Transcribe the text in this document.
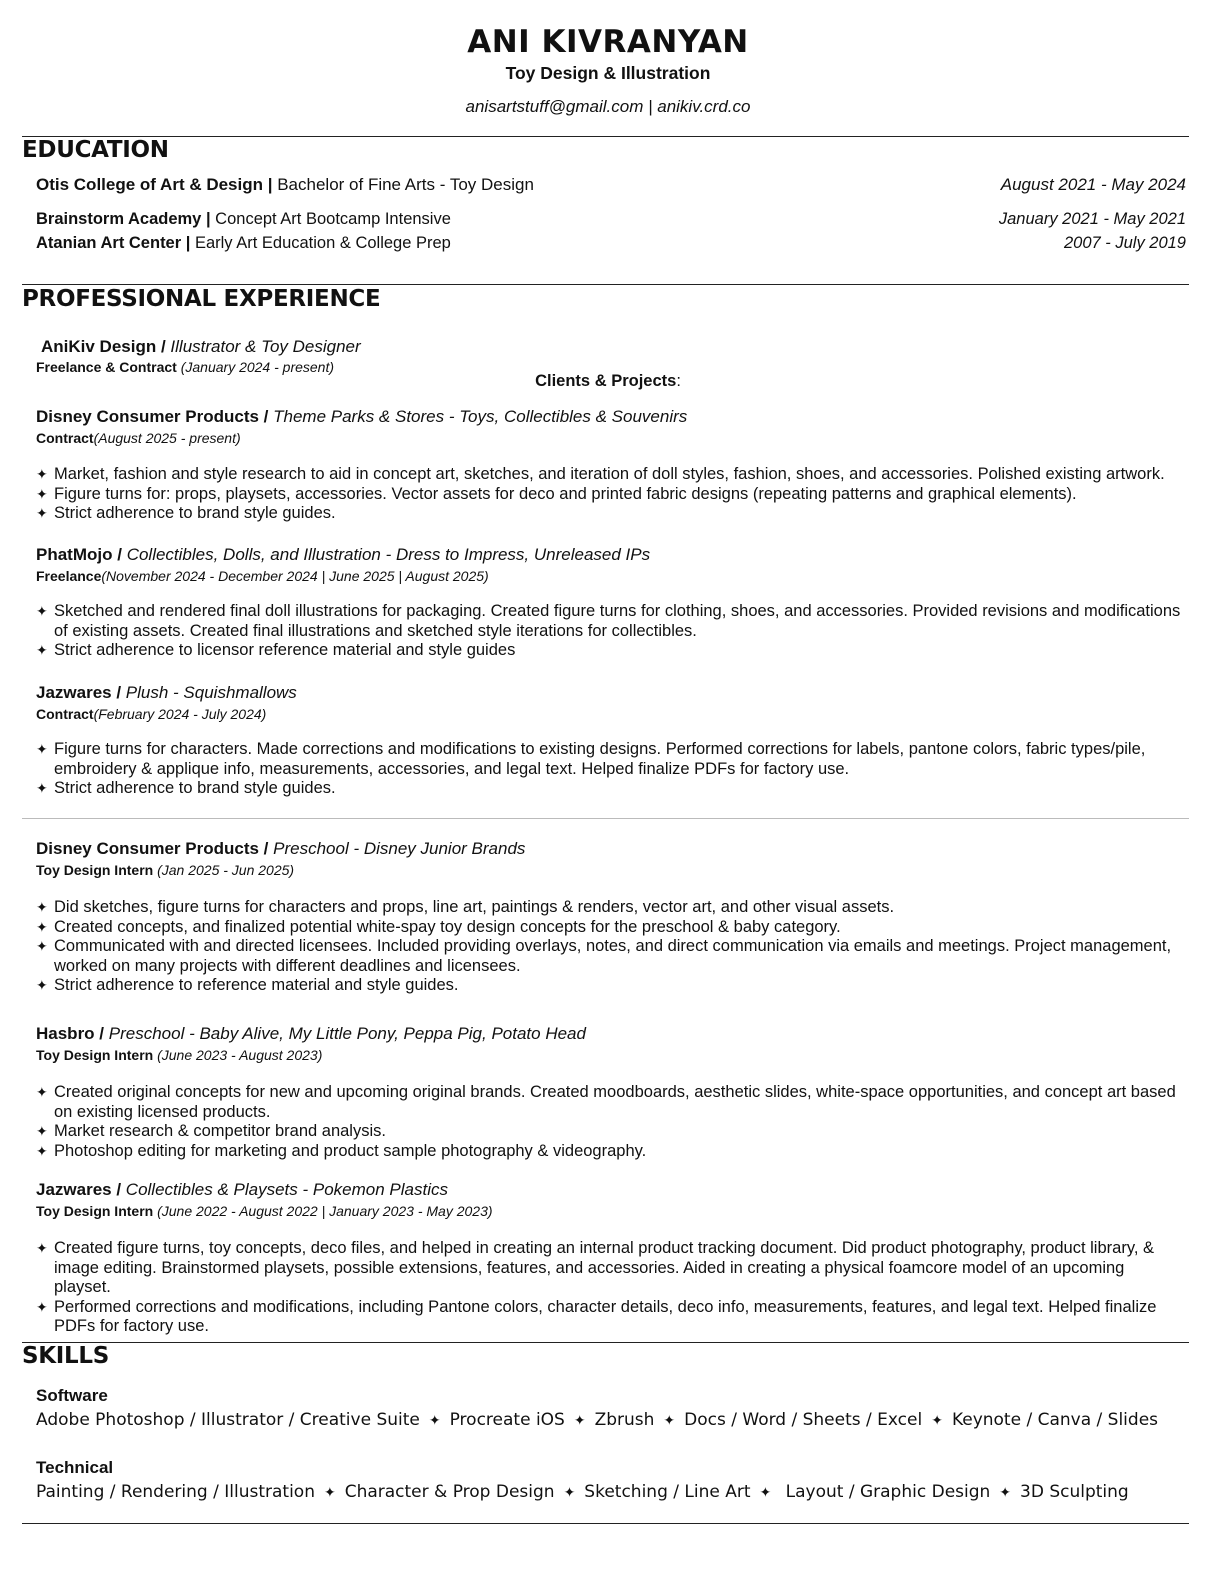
ANI KIVRANYAN
Toy Design & Illustration
anisartstuff@gmail.com | anikiv.crd.co
EDUCATION
Otis College of Art & Design | Bachelor of Fine Arts - Toy Design	August 2021 - May 2024
Brainstorm Academy | Concept Art Bootcamp Intensive	January 2021 - May 2021
Atanian Art Center | Early Art Education & College Prep	2007 - July 2019
PROFESSIONAL EXPERIENCE
AniKiv Design / Illustrator & Toy Designer
Freelance & Contract (January 2024 - present)
Clients & Projects:
Disney Consumer Products / Theme Parks & Stores - Toys, Collectibles & Souvenirs
Contract(August 2025 - present)
✦ Market, fashion and style research to aid in concept art, sketches, and iteration of doll styles, fashion, shoes, and accessories. Polished existing artwork.
✦ Figure turns for: props, playsets, accessories. Vector assets for deco and printed fabric designs (repeating patterns and graphical elements).
✦ Strict adherence to brand style guides.
PhatMojo / Collectibles, Dolls, and Illustration - Dress to Impress, Unreleased IPs
Freelance(November 2024 - December 2024 | June 2025 | August 2025)
✦ Sketched and rendered final doll illustrations for packaging. Created figure turns for clothing, shoes, and accessories. Provided revisions and modifications of existing assets. Created final illustrations and sketched style iterations for collectibles.
✦ Strict adherence to licensor reference material and style guides
Jazwares / Plush - Squishmallows
Contract(February 2024 - July 2024)
✦ Figure turns for characters. Made corrections and modifications to existing designs. Performed corrections for labels, pantone colors, fabric types/pile, embroidery & applique info, measurements, accessories, and legal text. Helped finalize PDFs for factory use.
✦ Strict adherence to brand style guides.
Disney Consumer Products / Preschool - Disney Junior Brands
Toy Design Intern (Jan 2025 - Jun 2025)
✦ Did sketches, figure turns for characters and props, line art, paintings & renders, vector art, and other visual assets.
✦ Created concepts, and finalized potential white-spay toy design concepts for the preschool & baby category.
✦ Communicated with and directed licensees. Included providing overlays, notes, and direct communication via emails and meetings. Project management, worked on many projects with different deadlines and licensees.
✦ Strict adherence to reference material and style guides.
Hasbro / Preschool - Baby Alive, My Little Pony, Peppa Pig, Potato Head
Toy Design Intern (June 2023 - August 2023)
✦ Created original concepts for new and upcoming original brands. Created moodboards, aesthetic slides, white-space opportunities, and concept art based on existing licensed products.
✦ Market research & competitor brand analysis.
✦ Photoshop editing for marketing and product sample photography & videography.
Jazwares / Collectibles & Playsets - Pokemon Plastics
Toy Design Intern (June 2022 - August 2022 | January 2023 - May 2023)
✦ Created figure turns, toy concepts, deco files, and helped in creating an internal product tracking document. Did product photography, product library, & image editing. Brainstormed playsets, possible extensions, features, and accessories. Aided in creating a physical foamcore model of an upcoming playset.
✦ Performed corrections and modifications, including Pantone colors, character details, deco info, measurements, features, and legal text. Helped finalize PDFs for factory use.
SKILLS
Software
Adobe Photoshop / Illustrator / Creative Suite ✦ Procreate iOS ✦ Zbrush ✦ Docs / Word / Sheets / Excel ✦ Keynote / Canva / Slides
Technical
Painting / Rendering / Illustration ✦ Character & Prop Design ✦ Sketching / Line Art ✦ Layout / Graphic Design ✦ 3D Sculpting
